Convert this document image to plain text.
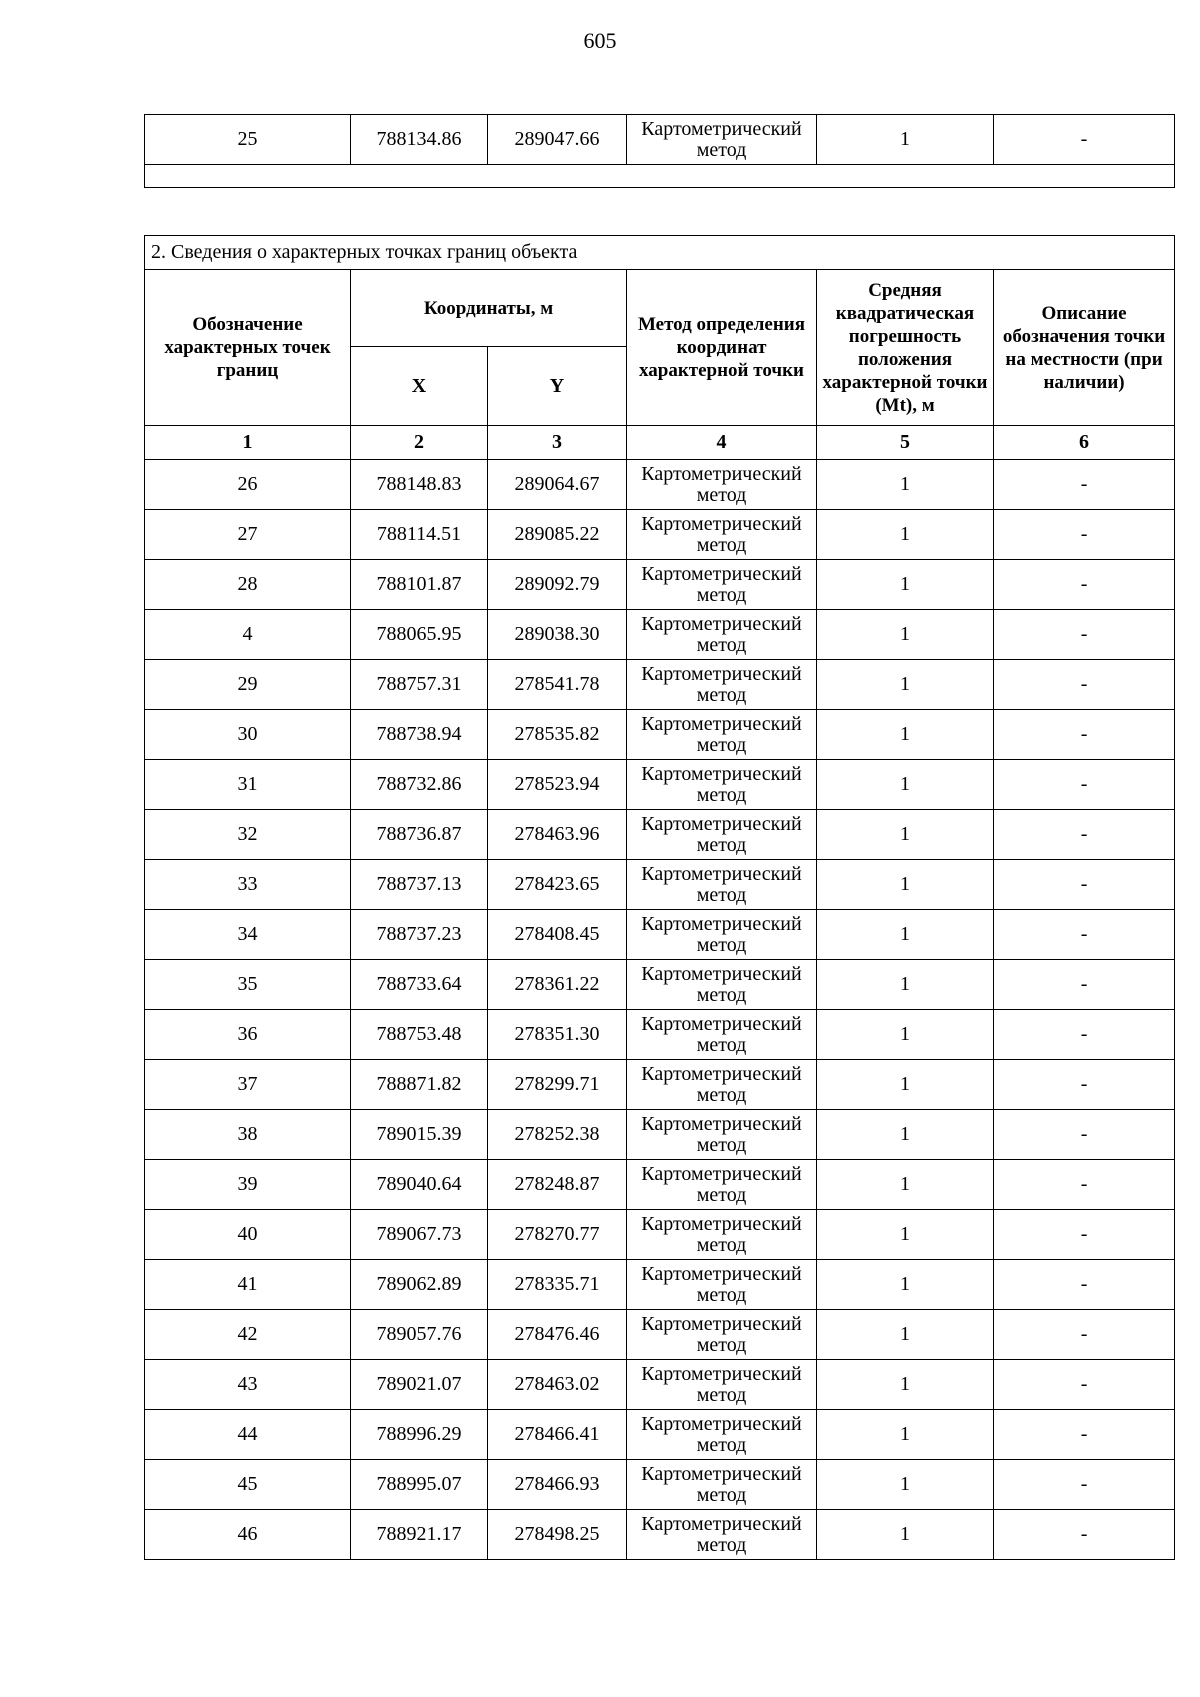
605
25	788134.86	289047.66	Картометрический метод	1	-

2. Сведения о характерных точках границ объекта					
Обозначение характерных точек границ	Координаты, м		Метод определения координат характерной точки	Средняя квадратическая погрешность положения характерной точки (Mt), м	Описание обозначения точки на местности (при наличии)
	X	Y			
1	2	3	4	5	6
26	788148.83	289064.67	Картометрический метод	1	-
27	788114.51	289085.22	Картометрический метод	1	-
28	788101.87	289092.79	Картометрический метод	1	-
4	788065.95	289038.30	Картометрический метод	1	-
29	788757.31	278541.78	Картометрический метод	1	-
30	788738.94	278535.82	Картометрический метод	1	-
31	788732.86	278523.94	Картометрический метод	1	-
32	788736.87	278463.96	Картометрический метод	1	-
33	788737.13	278423.65	Картометрический метод	1	-
34	788737.23	278408.45	Картометрический метод	1	-
35	788733.64	278361.22	Картометрический метод	1	-
36	788753.48	278351.30	Картометрический метод	1	-
37	788871.82	278299.71	Картометрический метод	1	-
38	789015.39	278252.38	Картометрический метод	1	-
39	789040.64	278248.87	Картометрический метод	1	-
40	789067.73	278270.77	Картометрический метод	1	-
41	789062.89	278335.71	Картометрический метод	1	-
42	789057.76	278476.46	Картометрический метод	1	-
43	789021.07	278463.02	Картометрический метод	1	-
44	788996.29	278466.41	Картометрический метод	1	-
45	788995.07	278466.93	Картометрический метод	1	-
46	788921.17	278498.25	Картометрический метод	1	-
